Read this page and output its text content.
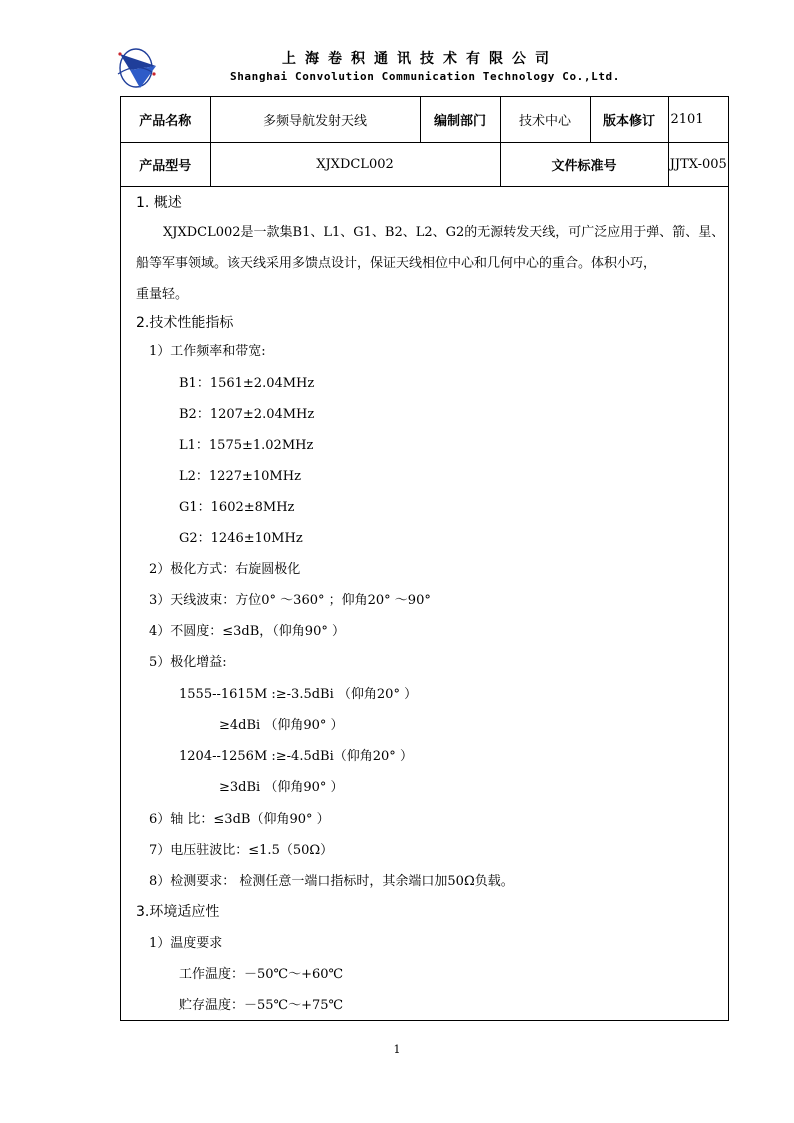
上海卷积通讯技术有限公司
Shanghai Convolution Communication Technology Co.,Ltd.
产品名称	多频导航发射天线	编制部门	技术中心	版本修订	2101
产品型号	XJXDCL002		文件标准号		JJTX-005
1. 概述
XJXDCL002是一款集B1、L1、G1、B2、L2、G2的无源转发天线，可广泛应用于弹、箭、星、
船等军事领域。该天线采用多馈点设计，保证天线相位中心和几何中心的重合。体积小巧，
重量轻。
2.技术性能指标
1）工作频率和带宽:
B1：1561±2.04MHz
B2：1207±2.04MHz
L1：1575±1.02MHz
L2：1227±10MHz
G1：1602±8MHz
G2：1246±10MHz
2）极化方式：右旋圆极化
3）天线波束：方位0° ～360° ；仰角20° ～90°
4）不圆度：≤3dB，（仰角90° ）
5）极化增益:
1555--1615M :≥-3.5dBi （仰角20° ）
≥4dBi （仰角90° ）
1204--1256M :≥-4.5dBi（仰角20° ）
≥3dBi （仰角90° ）
6）轴 比：≤3dB（仰角90° ）
7）电压驻波比：≤1.5（50Ω）
8）检测要求： 检测任意一端口指标时，其余端口加50Ω负载。
3.环境适应性
1）温度要求
工作温度：－50℃～+60℃
贮存温度：－55℃～+75℃
1
